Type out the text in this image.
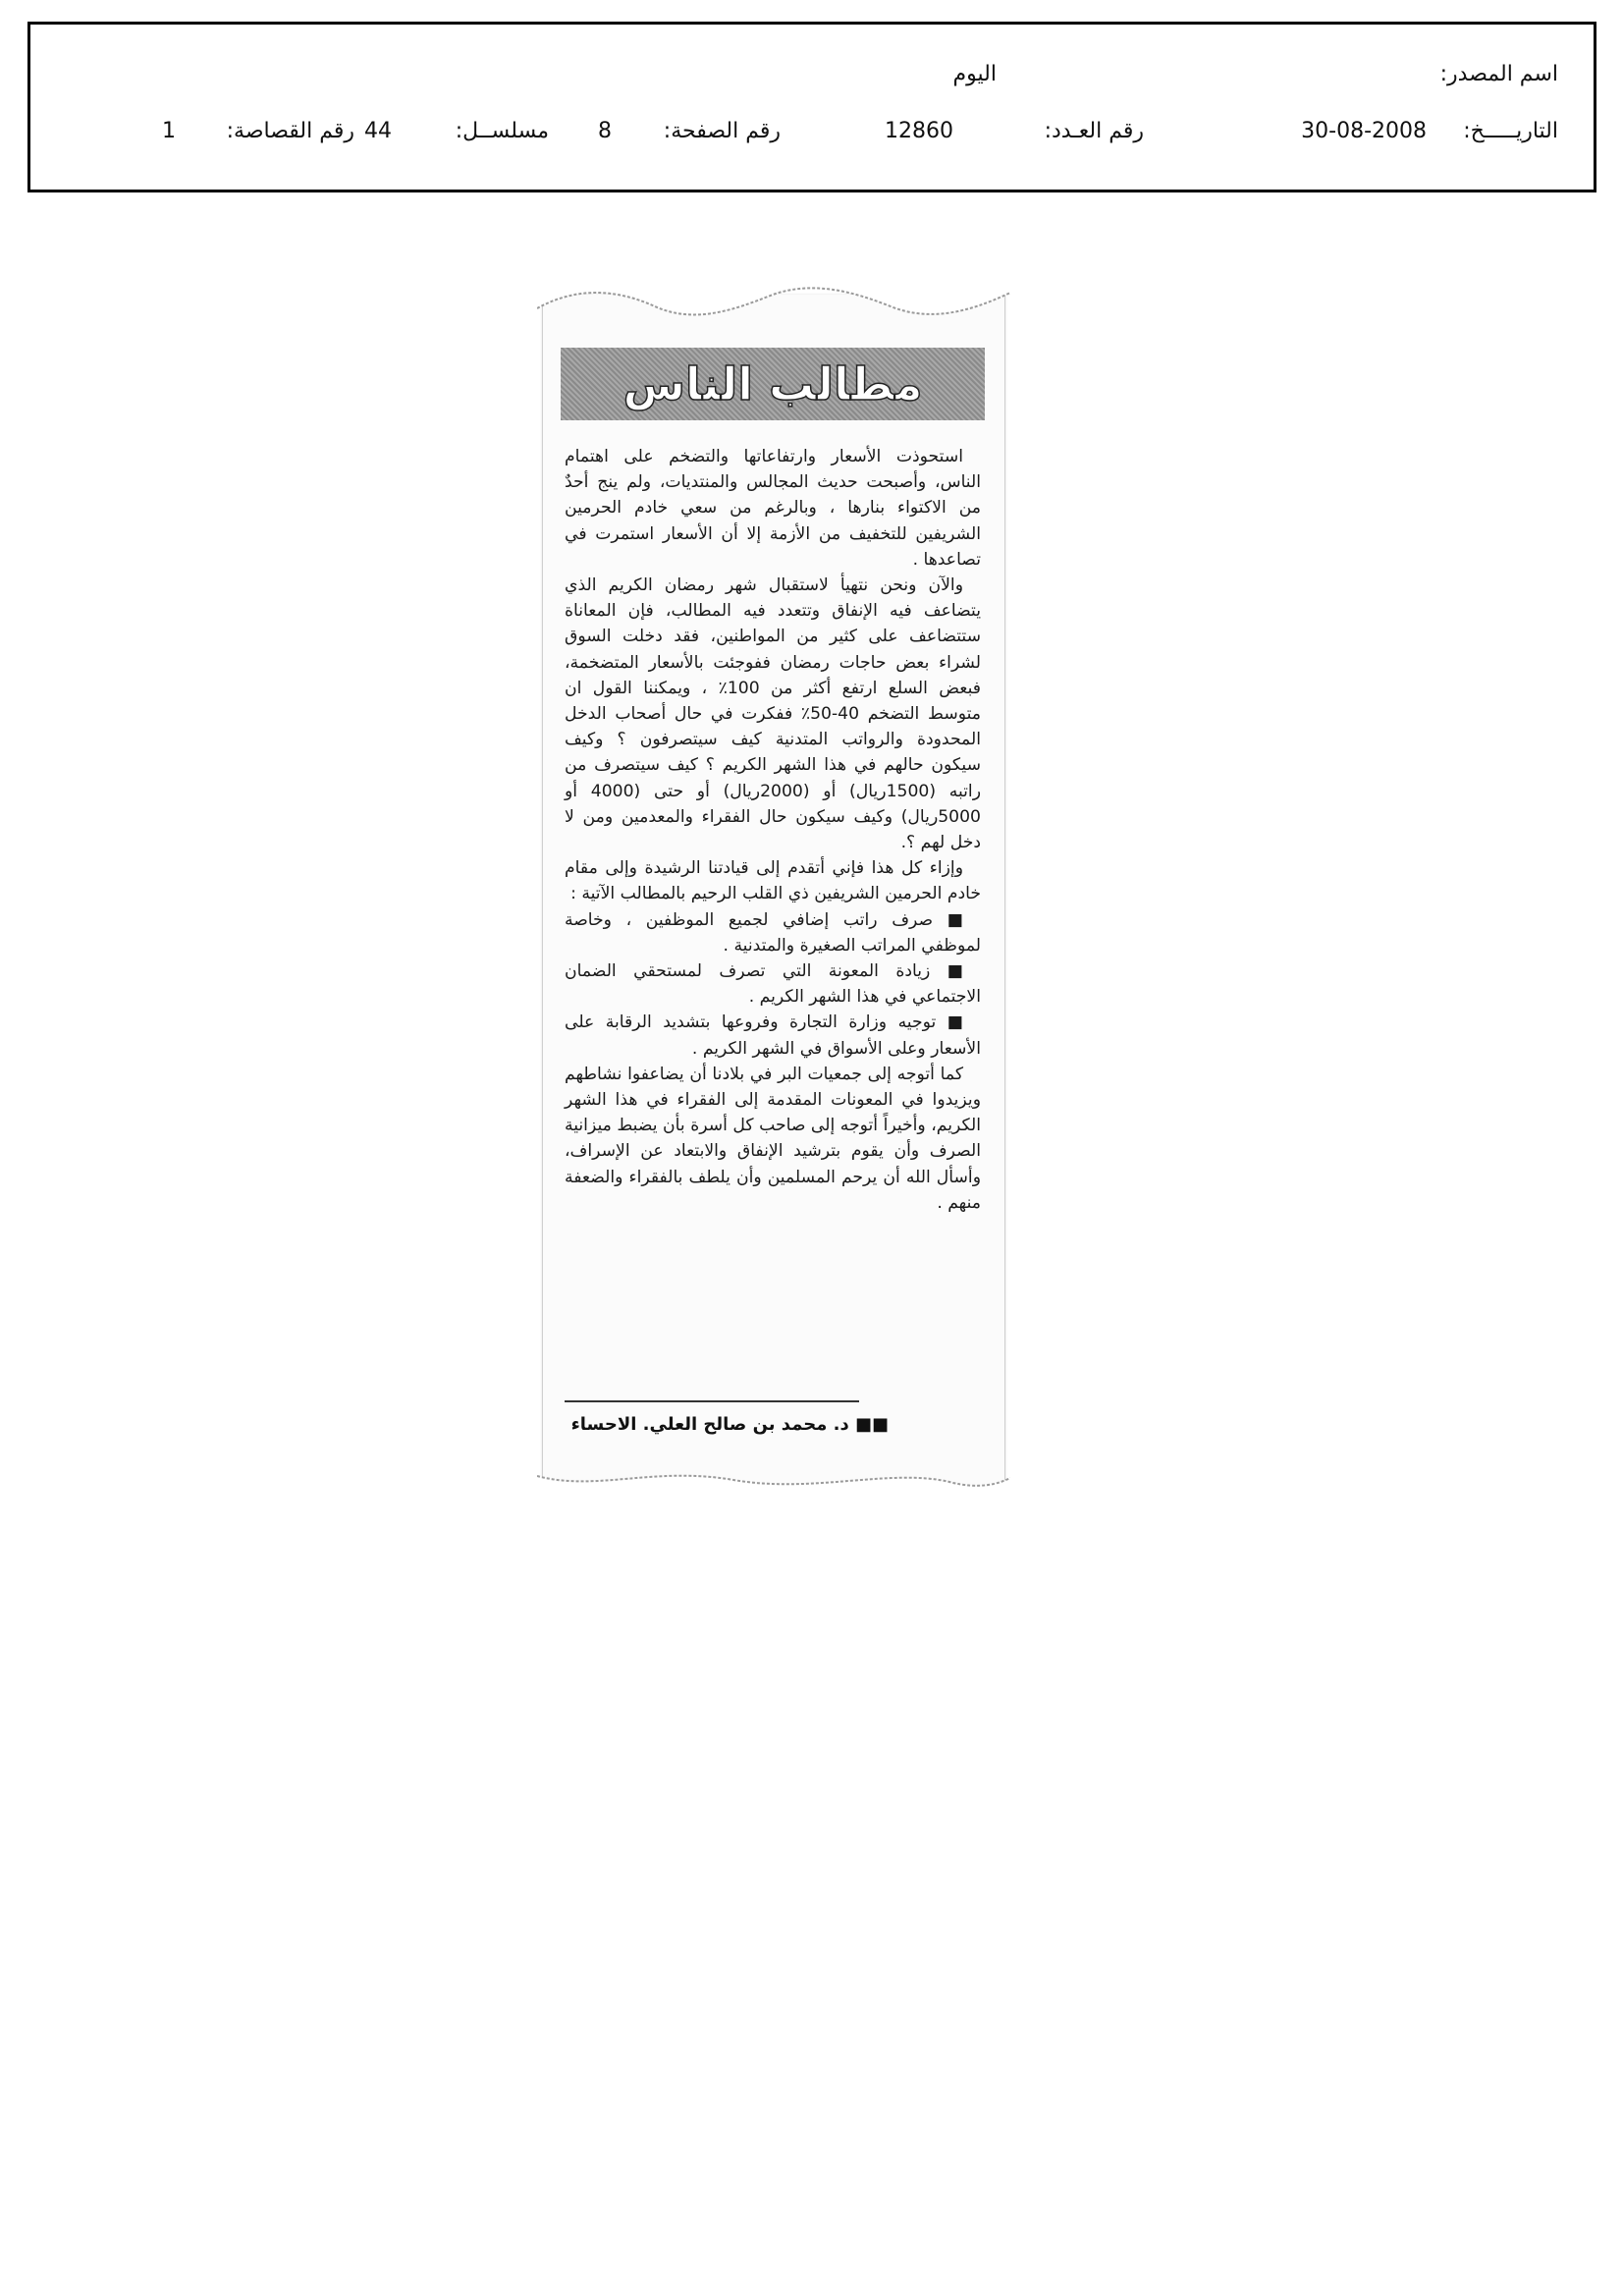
اسم المصدر:
اليوم
التاريـــــخ:
30-08-2008
رقم العـدد:
12860
رقم الصفحة:
8
مسلســل:
44
رقم القصاصة:
1
مطالب الناس

استحوذت الأسعار وارتفاعاتها والتضخم على اهتمام الناس، وأصبحت حديث المجالس والمنتديات، ولم ينج أحدٌ من الاكتواء بنارها ، وبالرغم من سعي خادم الحرمين الشريفين للتخفيف من الأزمة إلا أن الأسعار استمرت في تصاعدها .

والآن ونحن نتهيأ لاستقبال شهر رمضان الكريم الذي يتضاعف فيه الإنفاق وتتعدد فيه المطالب، فإن المعاناة ستتضاعف على كثير من المواطنين، فقد دخلت السوق لشراء بعض حاجات رمضان ففوجئت بالأسعار المتضخمة، فبعض السلع ارتفع أكثر من 100٪ ، ويمكننا القول ان متوسط التضخم 40-50٪ ففكرت في حال أصحاب الدخل المحدودة والرواتب المتدنية كيف سيتصرفون ؟ وكيف سيكون حالهم في هذا الشهر الكريم ؟ كيف سيتصرف من راتبه (1500ريال) أو (2000ريال) أو حتى (4000 أو 5000ريال) وكيف سيكون حال الفقراء والمعدمين ومن لا دخل لهم ؟.

وإزاء كل هذا فإني أتقدم إلى قيادتنا الرشيدة وإلى مقام خادم الحرمين الشريفين ذي القلب الرحيم بالمطالب الآتية :

■ صرف راتب إضافي لجميع الموظفين ، وخاصة لموظفي المراتب الصغيرة والمتدنية .

■ زيادة المعونة التي تصرف لمستحقي الضمان الاجتماعي في هذا الشهر الكريم .

■ توجيه وزارة التجارة وفروعها بتشديد الرقابة على الأسعار وعلى الأسواق في الشهر الكريم .

كما أتوجه إلى جمعيات البر في بلادنا أن يضاعفوا نشاطهم ويزيدوا في المعونات المقدمة إلى الفقراء في هذا الشهر الكريم، وأخيراً أتوجه إلى صاحب كل أسرة بأن يضبط ميزانية الصرف وأن يقوم بترشيد الإنفاق والابتعاد عن الإسراف، وأسأل الله أن يرحم المسلمين وأن يلطف بالفقراء والضعفة منهم .

■■ د. محمد بن صالح العلي. الاحساء
